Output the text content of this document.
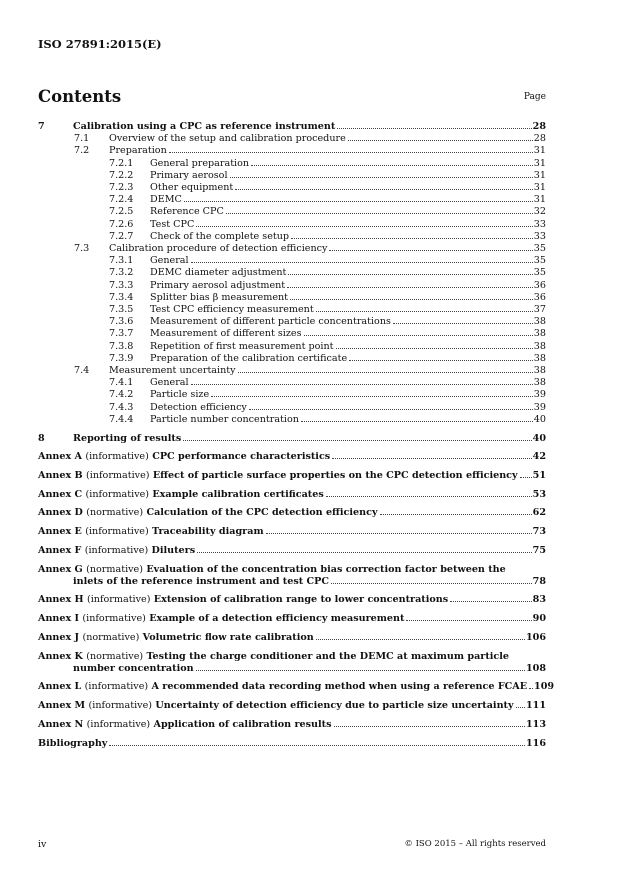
ISO 27891:2015(E)
Contents	Page
7	Calibration using a CPC as reference instrument	28
7.1 Overview of the setup and calibration procedure	28
7.2 Preparation	31
7.2.1 General preparation	31
7.2.2 Primary aerosol	31
7.2.3 Other equipment	31
7.2.4 DEMC	31
7.2.5 Reference CPC	32
7.2.6 Test CPC	33
7.2.7 Check of the complete setup	33
7.3 Calibration procedure of detection efficiency	35
7.3.1 General	35
7.3.2 DEMC diameter adjustment	35
7.3.3 Primary aerosol adjustment	36
7.3.4 Splitter bias β measurement	36
7.3.5 Test CPC efficiency measurement	37
7.3.6 Measurement of different particle concentrations	38
7.3.7 Measurement of different sizes	38
7.3.8 Repetition of first measurement point	38
7.3.9 Preparation of the calibration certificate	38
7.4 Measurement uncertainty	38
7.4.1 General	38
7.4.2 Particle size	39
7.4.3 Detection efficiency	39
7.4.4 Particle number concentration	40
8	Reporting of results	40
Annex A (informative) CPC performance characteristics	42
Annex B (informative) Effect of particle surface properties on the CPC detection efficiency 51
Annex C (informative) Example calibration certificates	53
Annex D (normative) Calculation of the CPC detection efficiency	62
Annex E (informative) Traceability diagram	73
Annex F (informative) Diluters	75
Annex G (normative) Evaluation of the concentration bias correction factor between the
inlets of the reference instrument and test CPC	78
Annex H (informative) Extension of calibration range to lower concentrations	83
Annex I (informative) Example of a detection efficiency measurement	90
Annex J (normative) Volumetric flow rate calibration	106
Annex K (normative) Testing the charge conditioner and the DEMC at maximum particle
number concentration	108
Annex L (informative) A recommended data recording method when using a reference FCAE 109
Annex M (informative) Uncertainty of detection efficiency due to particle size uncertainty 111
Annex N (informative) Application of calibration results	113
Bibliography	116
iv	© ISO 2015 – All rights reserved
